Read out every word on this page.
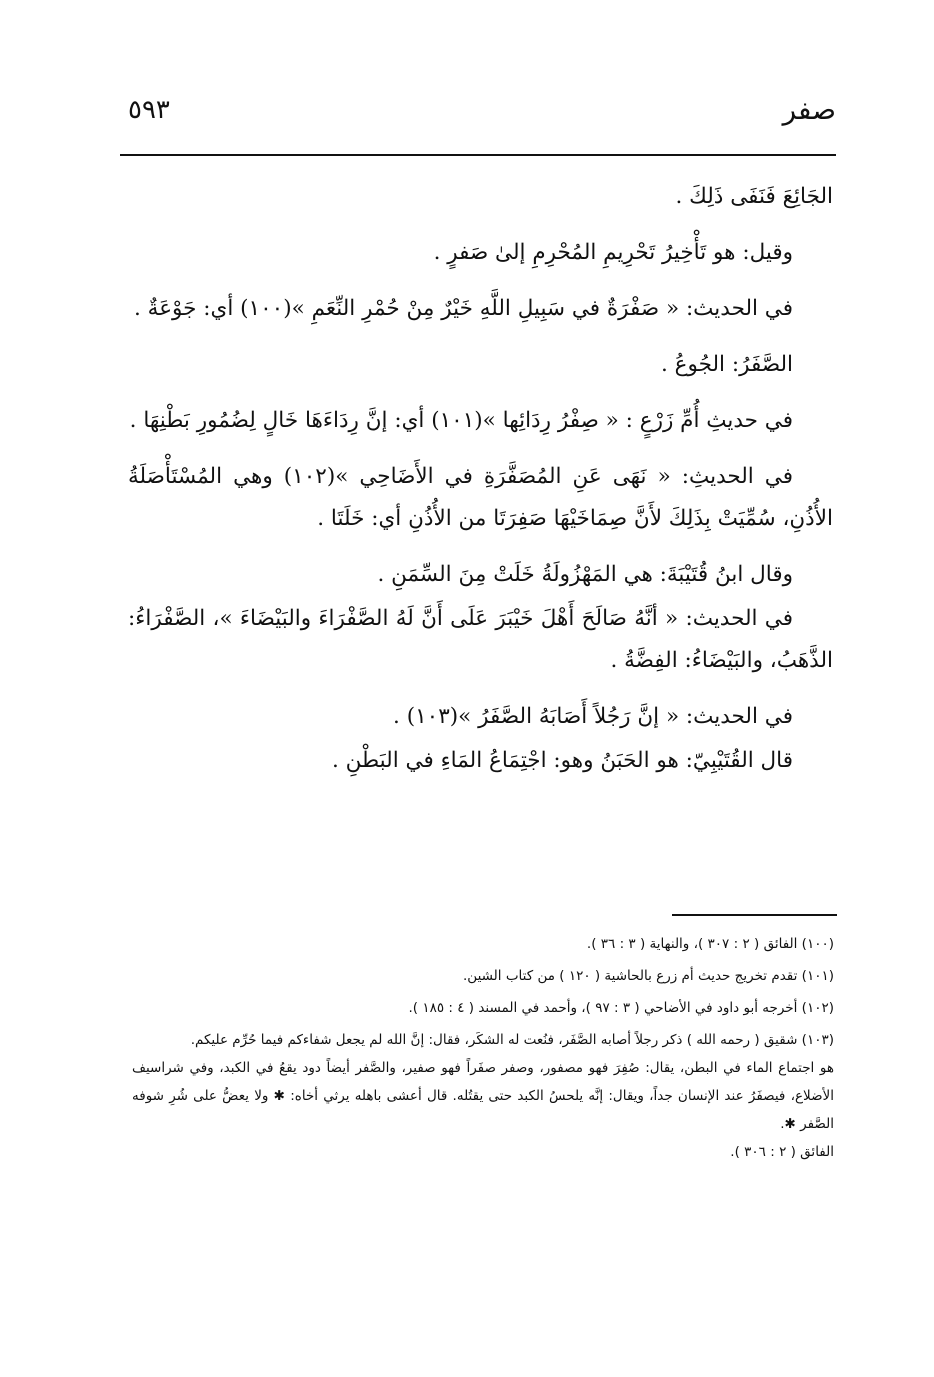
صفر
٥٩٣

الجَائِعَ فَنَفَى ذَلِكَ .

وقيل: هو تَأْخِيرُ تَحْرِيمِ المُحْرِمِ إلىٰ صَفرٍ .

في الحديث: « صَفْرَةٌ في سَبِيلِ اللَّهِ خَيْرٌ مِنْ حُمْرِ النِّعَمِ »(١٠٠) أي: جَوْعَةٌ .

الصَّفَرُ: الجُوعُ .

في حديثِ أُمِّ زَرْعٍ : « صِفْرُ رِدَائِها »(١٠١) أي: إنَّ رِدَاءَهَا خَالٍ لِضُمُورِ بَطْنِهَا .

في الحديثِ: « نَهَى عَنِ المُصَفَّرَةِ في الأَضَاحِي »(١٠٢) وهي المُسْتَأْصَلَةُ الأُذُنِ، سُمِّيَتْ بِذَلِكَ لأَنَّ صِمَاخَيْهَا صَفِرَتَا من الأُذُنِ أي: خَلَتَا .

وقال ابنُ قُتَيْبَةَ: هي المَهْزُولَةُ خَلَتْ مِنَ السِّمَنِ .

في الحديث: « أنَّهُ صَالَحَ أَهْلَ خَيْبَرَ عَلَى أَنَّ لَهُ الصَّفْرَاءَ والبَيْضَاءَ »، الصَّفْرَاءُ: الذَّهَبُ، والبَيْضَاءُ: الفِضَّةُ .

في الحديث: « إنَّ رَجُلاً أَصَابَهُ الصَّفَرُ »(١٠٣) .

قال القُتَيْبِيّ: هو الحَبَنُ وهو: اجْتِمَاعُ المَاءِ في البَطْنِ .

(١٠٠) الفائق ( ٢ : ٣٠٧ )، والنهاية ( ٣ : ٣٦ ).

(١٠١) تقدم تخريج حديث أم زرع بالحاشية ( ١٢٠ ) من كتاب الشين.

(١٠٢) أخرجه أبو داود في الأضاحي ( ٣ : ٩٧ )، وأحمد في المسند ( ٤ : ١٨٥ ).

(١٠٣) شقيق ( رحمه الله ) ذكر رجلاً أصابه الصَّفَر، فنُعت له الشكَر، فقال: إنَّ الله لم يجعل شفاءكم فيما حُرِّم عليكم.

هو اجتماع الماء في البطن، يقال: صُفِرَ فهو مصفور، وصفر صفَراً فهو صفير، والصَّفر أيضاً دود يقعُ في الكبد، وفي شراسيف الأضلاع، فيصفَرُ عند الإنسان جداً، ويقال: إنَّه يلحسُ الكبد حتى يقتُله. قال أعشى باهله يرثي أخاه: ✱ ولا يعضُّ على شُرِ شوفه الصَّفر ✱.

الفائق ( ٢ : ٣٠٦ ).
